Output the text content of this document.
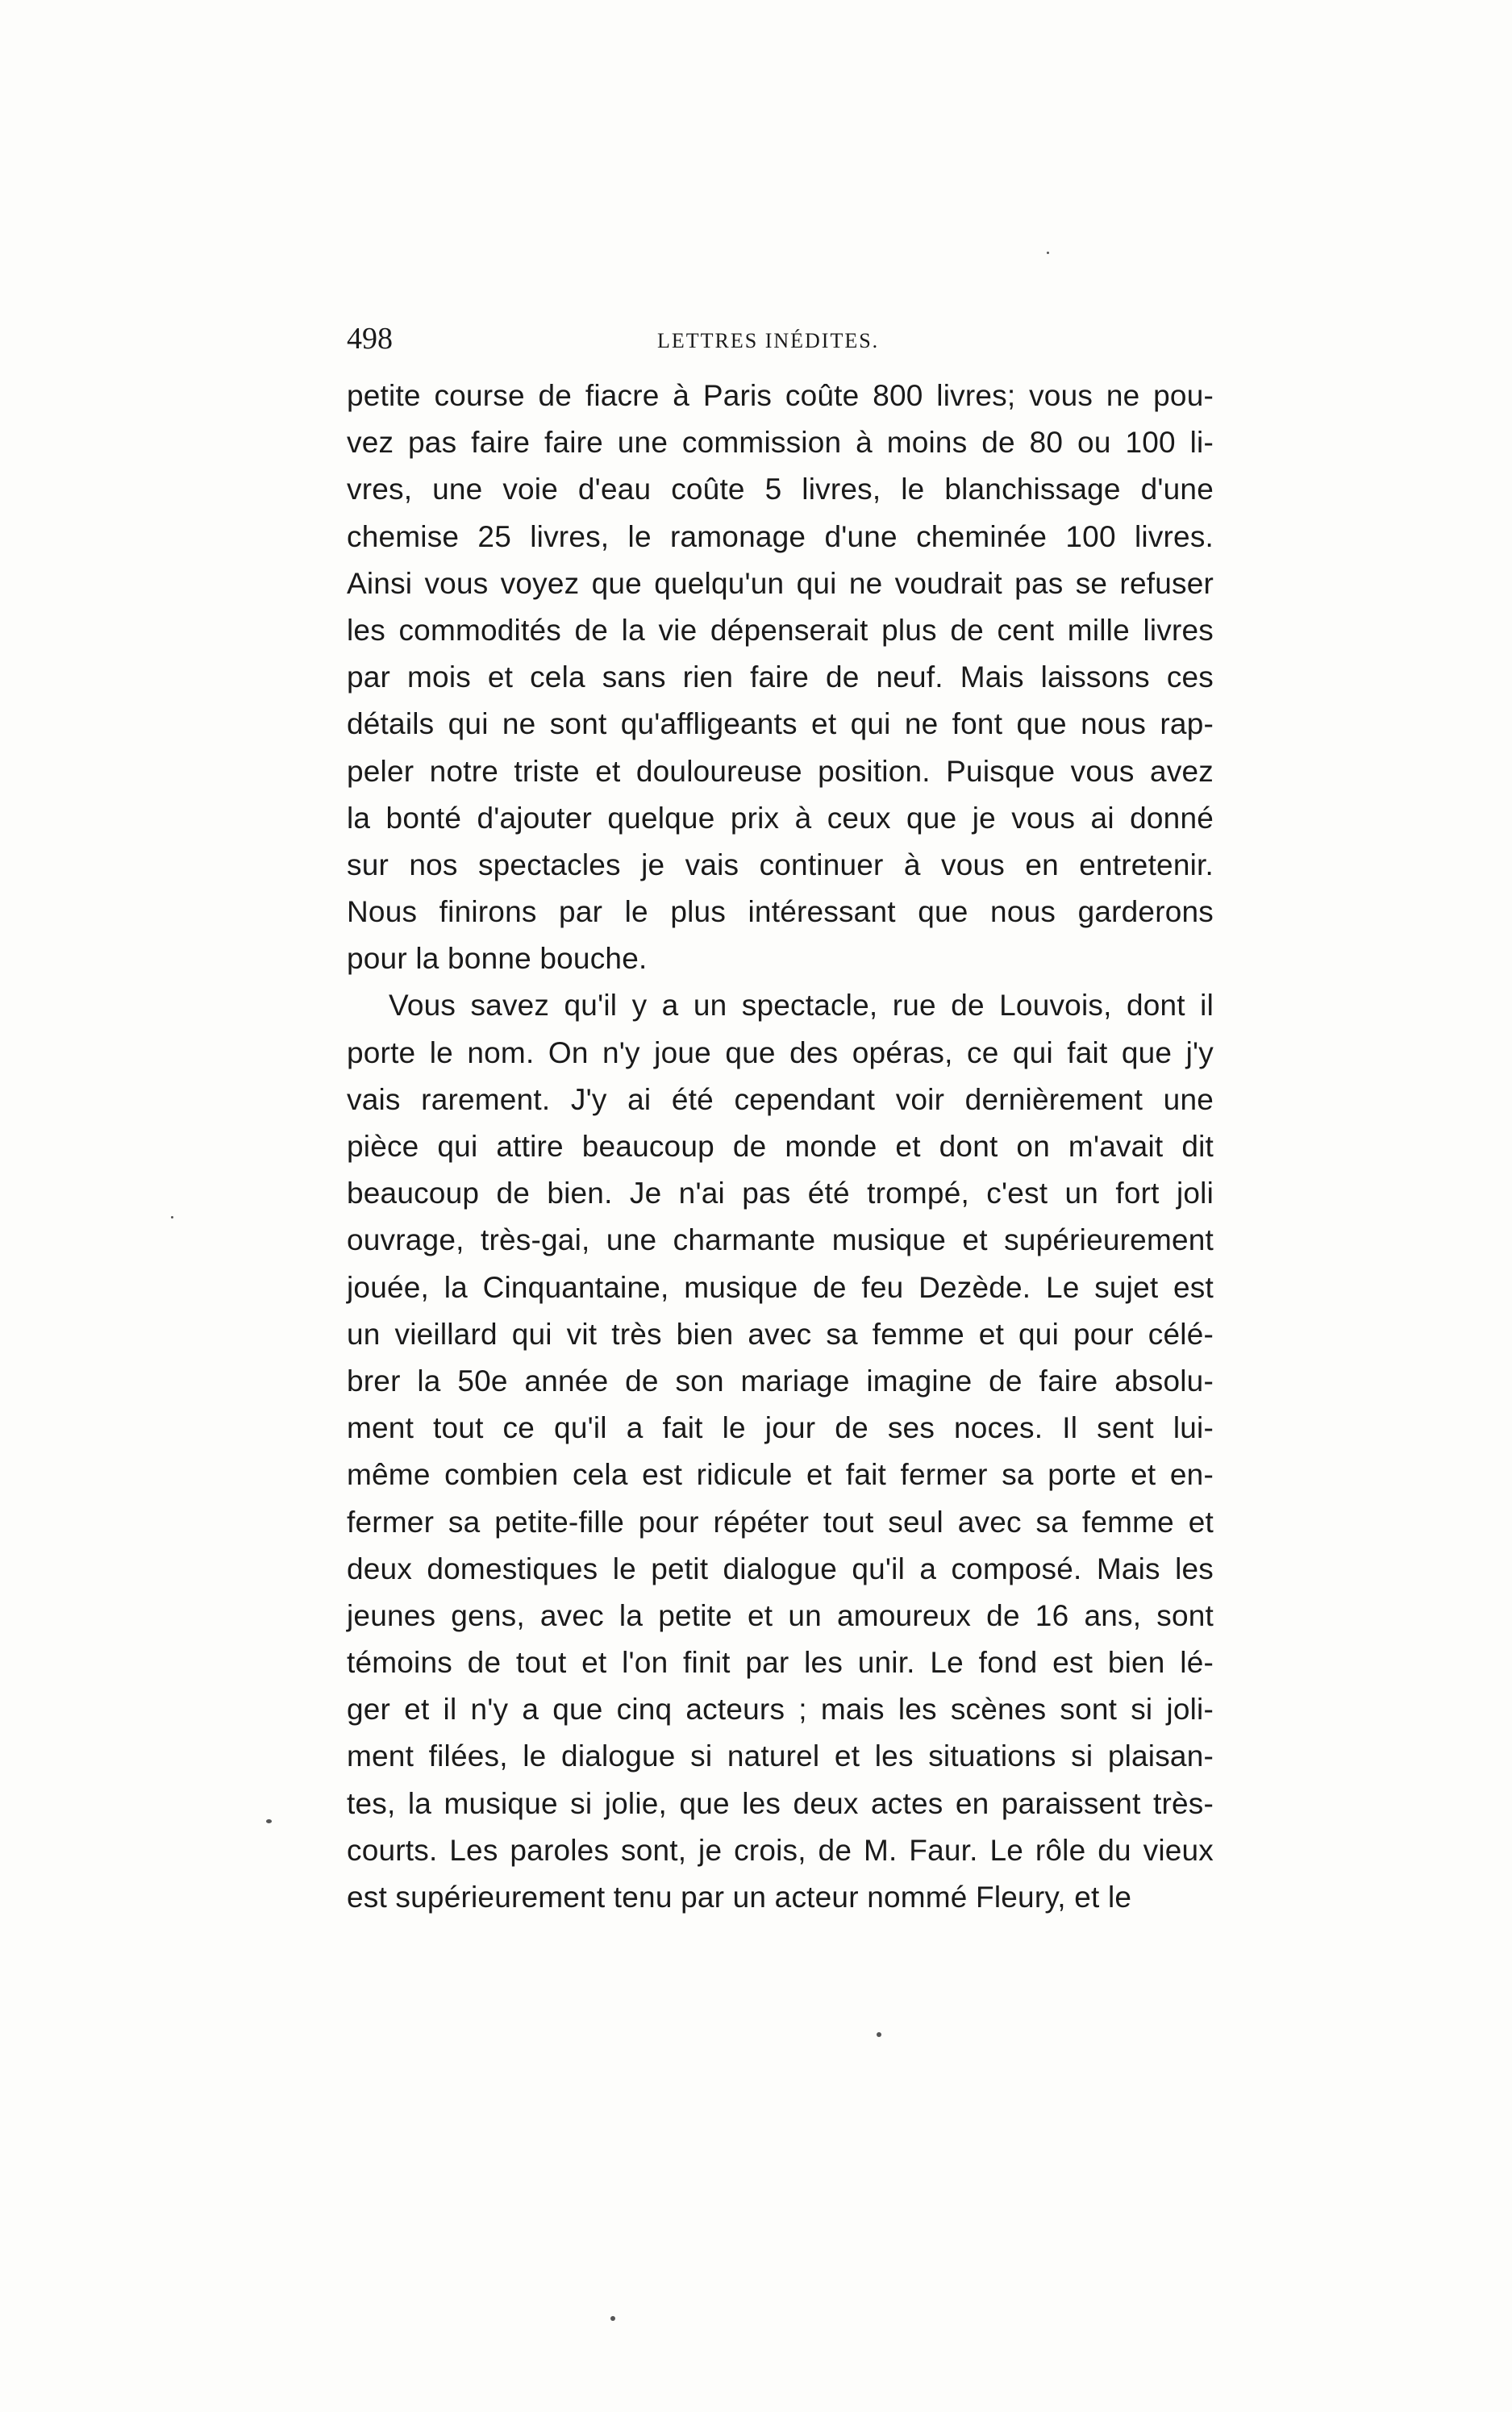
498	LETTRES INÉDITES.
petite course de fiacre à Paris coûte 800 livres; vous ne pou-
vez pas faire faire une commission à moins de 80 ou 100 li-
vres, une voie d'eau coûte 5 livres, le blanchissage d'une
chemise 25 livres, le ramonage d'une cheminée 100 livres.
Ainsi vous voyez que quelqu'un qui ne voudrait pas se refuser
les commodités de la vie dépenserait plus de cent mille livres
par mois et cela sans rien faire de neuf. Mais laissons ces
détails qui ne sont qu'affligeants et qui ne font que nous rap-
peler notre triste et douloureuse position. Puisque vous avez
la bonté d'ajouter quelque prix à ceux que je vous ai donné
sur nos spectacles je vais continuer à vous en entretenir.
Nous finirons par le plus intéressant que nous garderons
pour la bonne bouche.
Vous savez qu'il y a un spectacle, rue de Louvois, dont il
porte le nom. On n'y joue que des opéras, ce qui fait que j'y
vais rarement. J'y ai été cependant voir dernièrement une
pièce qui attire beaucoup de monde et dont on m'avait dit
beaucoup de bien. Je n'ai pas été trompé, c'est un fort joli
ouvrage, très-gai, une charmante musique et supérieurement
jouée, la Cinquantaine, musique de feu Dezède. Le sujet est
un vieillard qui vit très bien avec sa femme et qui pour célé-
brer la 50e année de son mariage imagine de faire absolu-
ment tout ce qu'il a fait le jour de ses noces. Il sent lui-
même combien cela est ridicule et fait fermer sa porte et en-
fermer sa petite-fille pour répéter tout seul avec sa femme et
deux domestiques le petit dialogue qu'il a composé. Mais les
jeunes gens, avec la petite et un amoureux de 16 ans, sont
témoins de tout et l'on finit par les unir. Le fond est bien lé-
ger et il n'y a que cinq acteurs ; mais les scènes sont si joli-
ment filées, le dialogue si naturel et les situations si plaisan-
tes, la musique si jolie, que les deux actes en paraissent très-
courts. Les paroles sont, je crois, de M. Faur. Le rôle du vieux
est supérieurement tenu par un acteur nommé Fleury, et le
